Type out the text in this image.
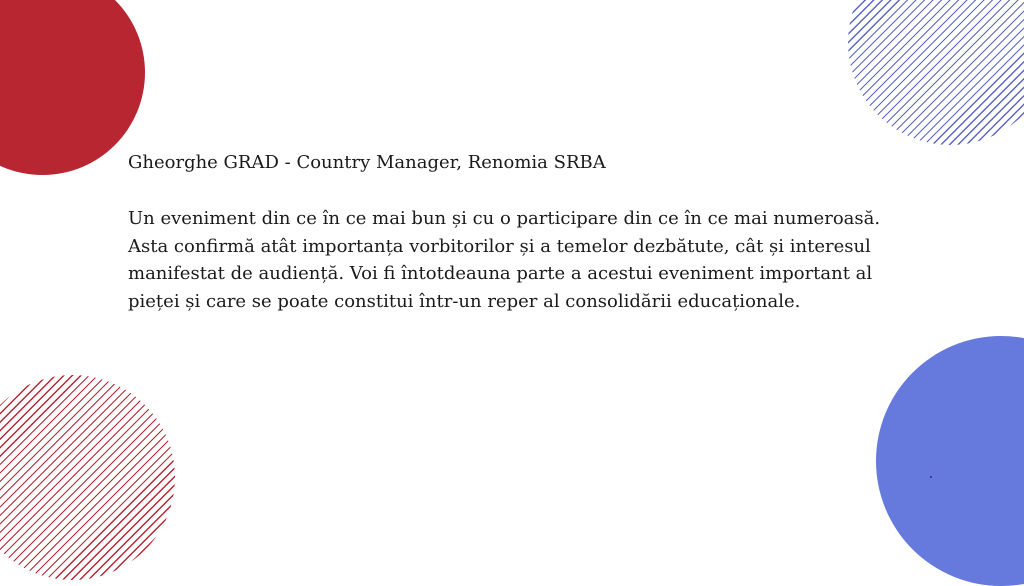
Gheorghe GRAD - Country Manager, Renomia SRBA

Un eveniment din ce în ce mai bun și cu o participare din ce în ce mai numeroasă. Asta confirmă atât importanța vorbitorilor și a temelor dezbătute, cât și interesul manifestat de audiență. Voi fi întotdeauna parte a acestui eveniment important al pieței și care se poate constitui într-un reper al consolidării educaționale.
